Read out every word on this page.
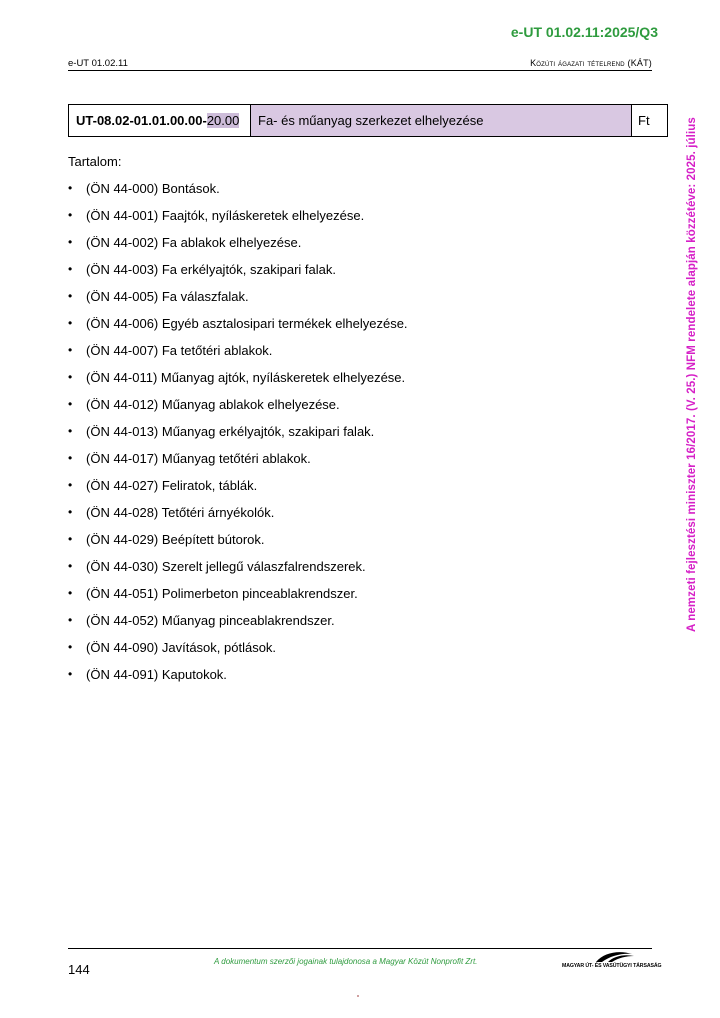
e-UT 01.02.11:2025/Q3
e-UT 01.02.11	Közúti ágazati tételrend (KÁT)
UT-08.02-01.01.00.00- 20.00	Fa- és műanyag szerkezet elhelyezése	Ft
Tartalom:
•	(ÖN 44-000) Bontások.
•	(ÖN 44-001) Faajtók, nyíláskeretek elhelyezése.
•	(ÖN 44-002) Fa ablakok elhelyezése.
•	(ÖN 44-003) Fa erkélyajtók, szakipari falak.
•	(ÖN 44-005) Fa válaszfalak.
•	(ÖN 44-006) Egyéb asztalosipari termékek elhelyezése.
•	(ÖN 44-007) Fa tetőtéri ablakok.
•	(ÖN 44-011) Műanyag ajtók, nyíláskeretek elhelyezése.
•	(ÖN 44-012) Műanyag ablakok elhelyezése.
•	(ÖN 44-013) Műanyag erkélyajtók, szakipari falak.
•	(ÖN 44-017) Műanyag tetőtéri ablakok.
•	(ÖN 44-027) Feliratok, táblák.
•	(ÖN 44-028) Tetőtéri árnyékolók.
•	(ÖN 44-029) Beépített bútorok.
•	(ÖN 44-030) Szerelt jellegű válaszfalrendszerek.
•	(ÖN 44-051) Polimerbeton pinceablakrendszer.
•	(ÖN 44-052) Műanyag pinceablakrendszer.
•	(ÖN 44-090) Javítások, pótlások.
•	(ÖN 44-091) Kaputokok.
A nemzeti fejlesztési miniszter 16/2017. (V. 25.) NFM rendelete alapján közzétéve: 2025. július
144
A dokumentum szerzői jogainak tulajdonosa a Magyar Közút Nonprofit Zrt.	MAGYAR ÚT- ÉS VASÚTÜGYI TÁRSASÁG
